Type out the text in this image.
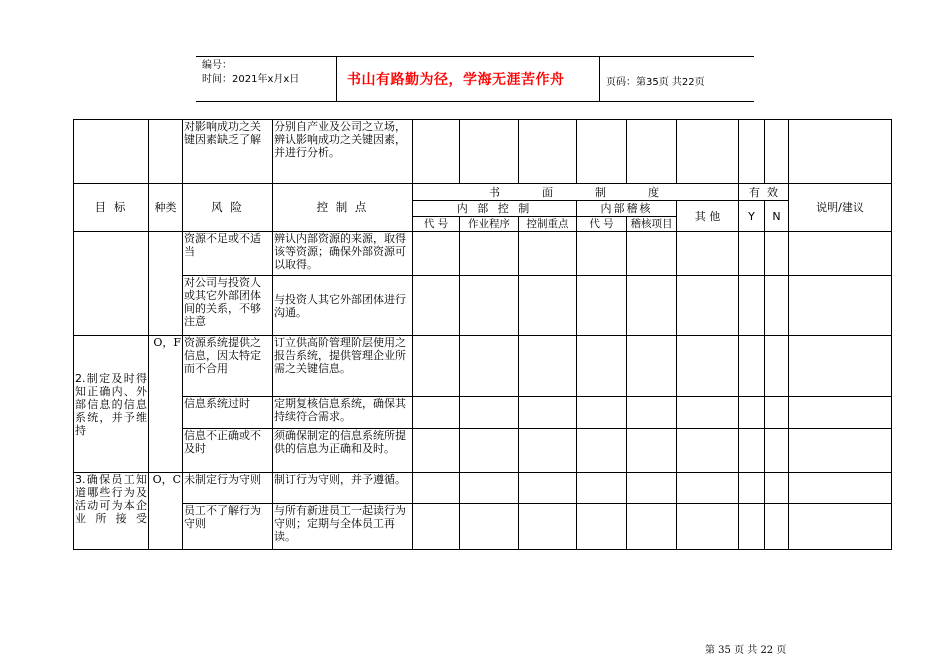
编号：
时间：2021年x月x日	书山有路勤为径，学海无涯苦作舟	页码：第35页 共22页
		对影响成功之关键因素缺乏了解	分别自产业及公司之立场，辨认影响成功之关键因素，并进行分析。									
目 标	种类	风 险	控 制 点	书      面      制      度						有  效		说明/建议
				内 部 控 制			内部稽核		其 他	Y	N	
				代 号	作业程序	控制重点	代 号	稽核项目				
		资源不足或不适当	辨认内部资源的来源，取得该等资源；确保外部资源可以取得。									
		对公司与投资人或其它外部团体间的关系，不够注意	与投资人其它外部团体进行沟通。									
2.制定及时得知正确内、外部信息的信息系统，并予维持	O，F	资源系统提供之信息，因太特定而不合用	订立供高阶管理阶层使用之报告系统，提供管理企业所需之关键信息。									
		信息系统过时	定期复核信息系统，确保其持续符合需求。									
		信息不正确或不及时	须确保制定的信息系统所提供的信息为正确和及时。									
3.确保员工知道哪些行为及活动可为本企业所接受	O，C	未制定行为守则	制订行为守则，并予遵循。									
		员工不了解行为守则	与所有新进员工一起读行为守则；定期与全体员工再读。									
第 35 页 共 22 页
